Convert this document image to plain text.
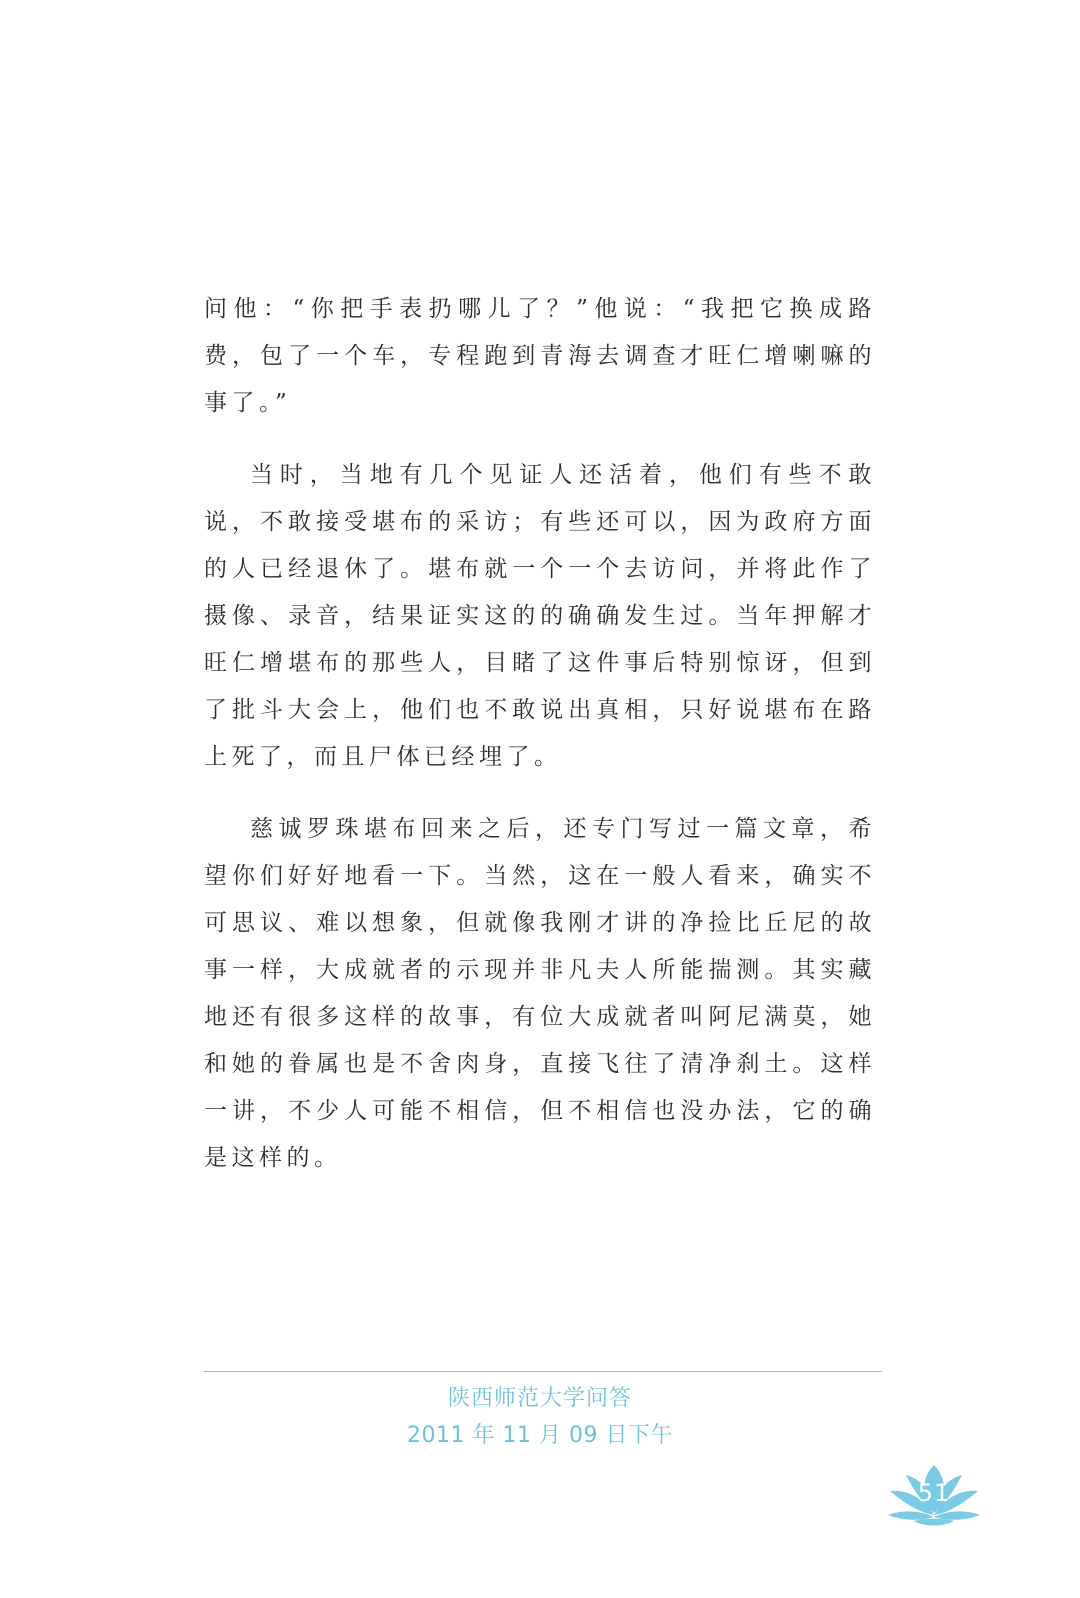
问他：“你把手表扔哪儿了？”他说：“我把它换成路费，包了一个车，专程跑到青海去调查才旺仁增喇嘛的事了。”

当时，当地有几个见证人还活着，他们有些不敢说，不敢接受堪布的采访；有些还可以，因为政府方面的人已经退休了。堪布就一个一个去访问，并将此作了摄像、录音，结果证实这的的确确发生过。当年押解才旺仁增堪布的那些人，目睹了这件事后特别惊讶，但到了批斗大会上，他们也不敢说出真相，只好说堪布在路上死了，而且尸体已经埋了。

慈诚罗珠堪布回来之后，还专门写过一篇文章，希望你们好好地看一下。当然，这在一般人看来，确实不可思议、难以想象，但就像我刚才讲的净捡比丘尼的故事一样，大成就者的示现并非凡夫人所能揣测。其实藏地还有很多这样的故事，有位大成就者叫阿尼满莫，她和她的眷属也是不舍肉身，直接飞往了清净刹土。这样一讲，不少人可能不相信，但不相信也没办法，它的确是这样的。

陕西师范大学问答
2011 年 11 月 09 日下午
51
